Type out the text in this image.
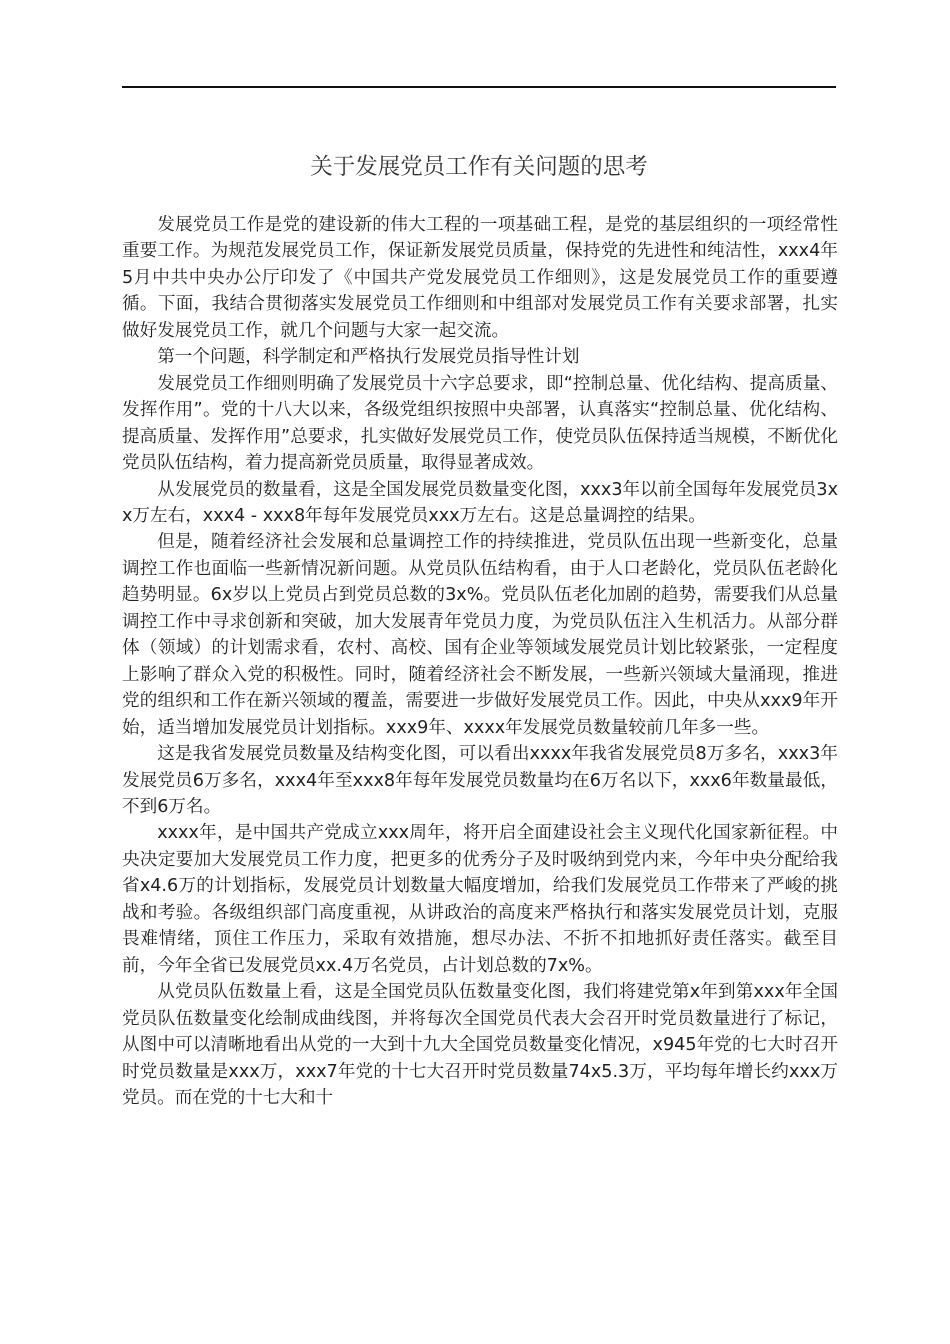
关于发展党员工作有关问题的思考

发展党员工作是党的建设新的伟大工程的一项基础工程，是党的基层组织的一项经常性重要工作。为规范发展党员工作，保证新发展党员质量，保持党的先进性和纯洁性，xxx4年5月中共中央办公厅印发了《中国共产党发展党员工作细则》，这是发展党员工作的重要遵循。下面，我结合贯彻落实发展党员工作细则和中组部对发展党员工作有关要求部署，扎实做好发展党员工作，就几个问题与大家一起交流。

第一个问题，科学制定和严格执行发展党员指导性计划

发展党员工作细则明确了发展党员十六字总要求，即“控制总量、优化结构、提高质量、发挥作用”。党的十八大以来，各级党组织按照中央部署，认真落实“控制总量、优化结构、提高质量、发挥作用”总要求，扎实做好发展党员工作，使党员队伍保持适当规模，不断优化党员队伍结构，着力提高新党员质量，取得显著成效。

从发展党员的数量看，这是全国发展党员数量变化图，xxx3年以前全国每年发展党员3xx万左右，xxx4 - xxx8年每年发展党员xxx万左右。这是总量调控的结果。

但是，随着经济社会发展和总量调控工作的持续推进，党员队伍出现一些新变化，总量调控工作也面临一些新情况新问题。从党员队伍结构看，由于人口老龄化，党员队伍老龄化趋势明显。6x岁以上党员占到党员总数的3x%。党员队伍老化加剧的趋势，需要我们从总量调控工作中寻求创新和突破，加大发展青年党员力度，为党员队伍注入生机活力。从部分群体（领域）的计划需求看，农村、高校、国有企业等领域发展党员计划比较紧张，一定程度上影响了群众入党的积极性。同时，随着经济社会不断发展，一些新兴领域大量涌现，推进党的组织和工作在新兴领域的覆盖，需要进一步做好发展党员工作。因此，中央从xxx9年开始，适当增加发展党员计划指标。xxx9年、xxxx年发展党员数量较前几年多一些。

这是我省发展党员数量及结构变化图，可以看出xxxx年我省发展党员8万多名，xxx3年发展党员6万多名，xxx4年至xxx8年每年发展党员数量均在6万名以下，xxx6年数量最低，不到6万名。

xxxx年，是中国共产党成立xxx周年，将开启全面建设社会主义现代化国家新征程。中央决定要加大发展党员工作力度，把更多的优秀分子及时吸纳到党内来，今年中央分配给我省x4.6万的计划指标，发展党员计划数量大幅度增加，给我们发展党员工作带来了严峻的挑战和考验。各级组织部门高度重视，从讲政治的高度来严格执行和落实发展党员计划，克服畏难情绪，顶住工作压力，采取有效措施，想尽办法、不折不扣地抓好责任落实。截至目前，今年全省已发展党员xx.4万名党员，占计划总数的7x%。

从党员队伍数量上看，这是全国党员队伍数量变化图，我们将建党第x年到第xxx年全国党员队伍数量变化绘制成曲线图，并将每次全国党员代表大会召开时党员数量进行了标记，从图中可以清晰地看出从党的一大到十九大全国党员数量变化情况，x945年党的七大时召开时党员数量是xxx万，xxx7年党的十七大召开时党员数量74x5.3万，平均每年增长约xxx万党员。而在党的十七大和十
